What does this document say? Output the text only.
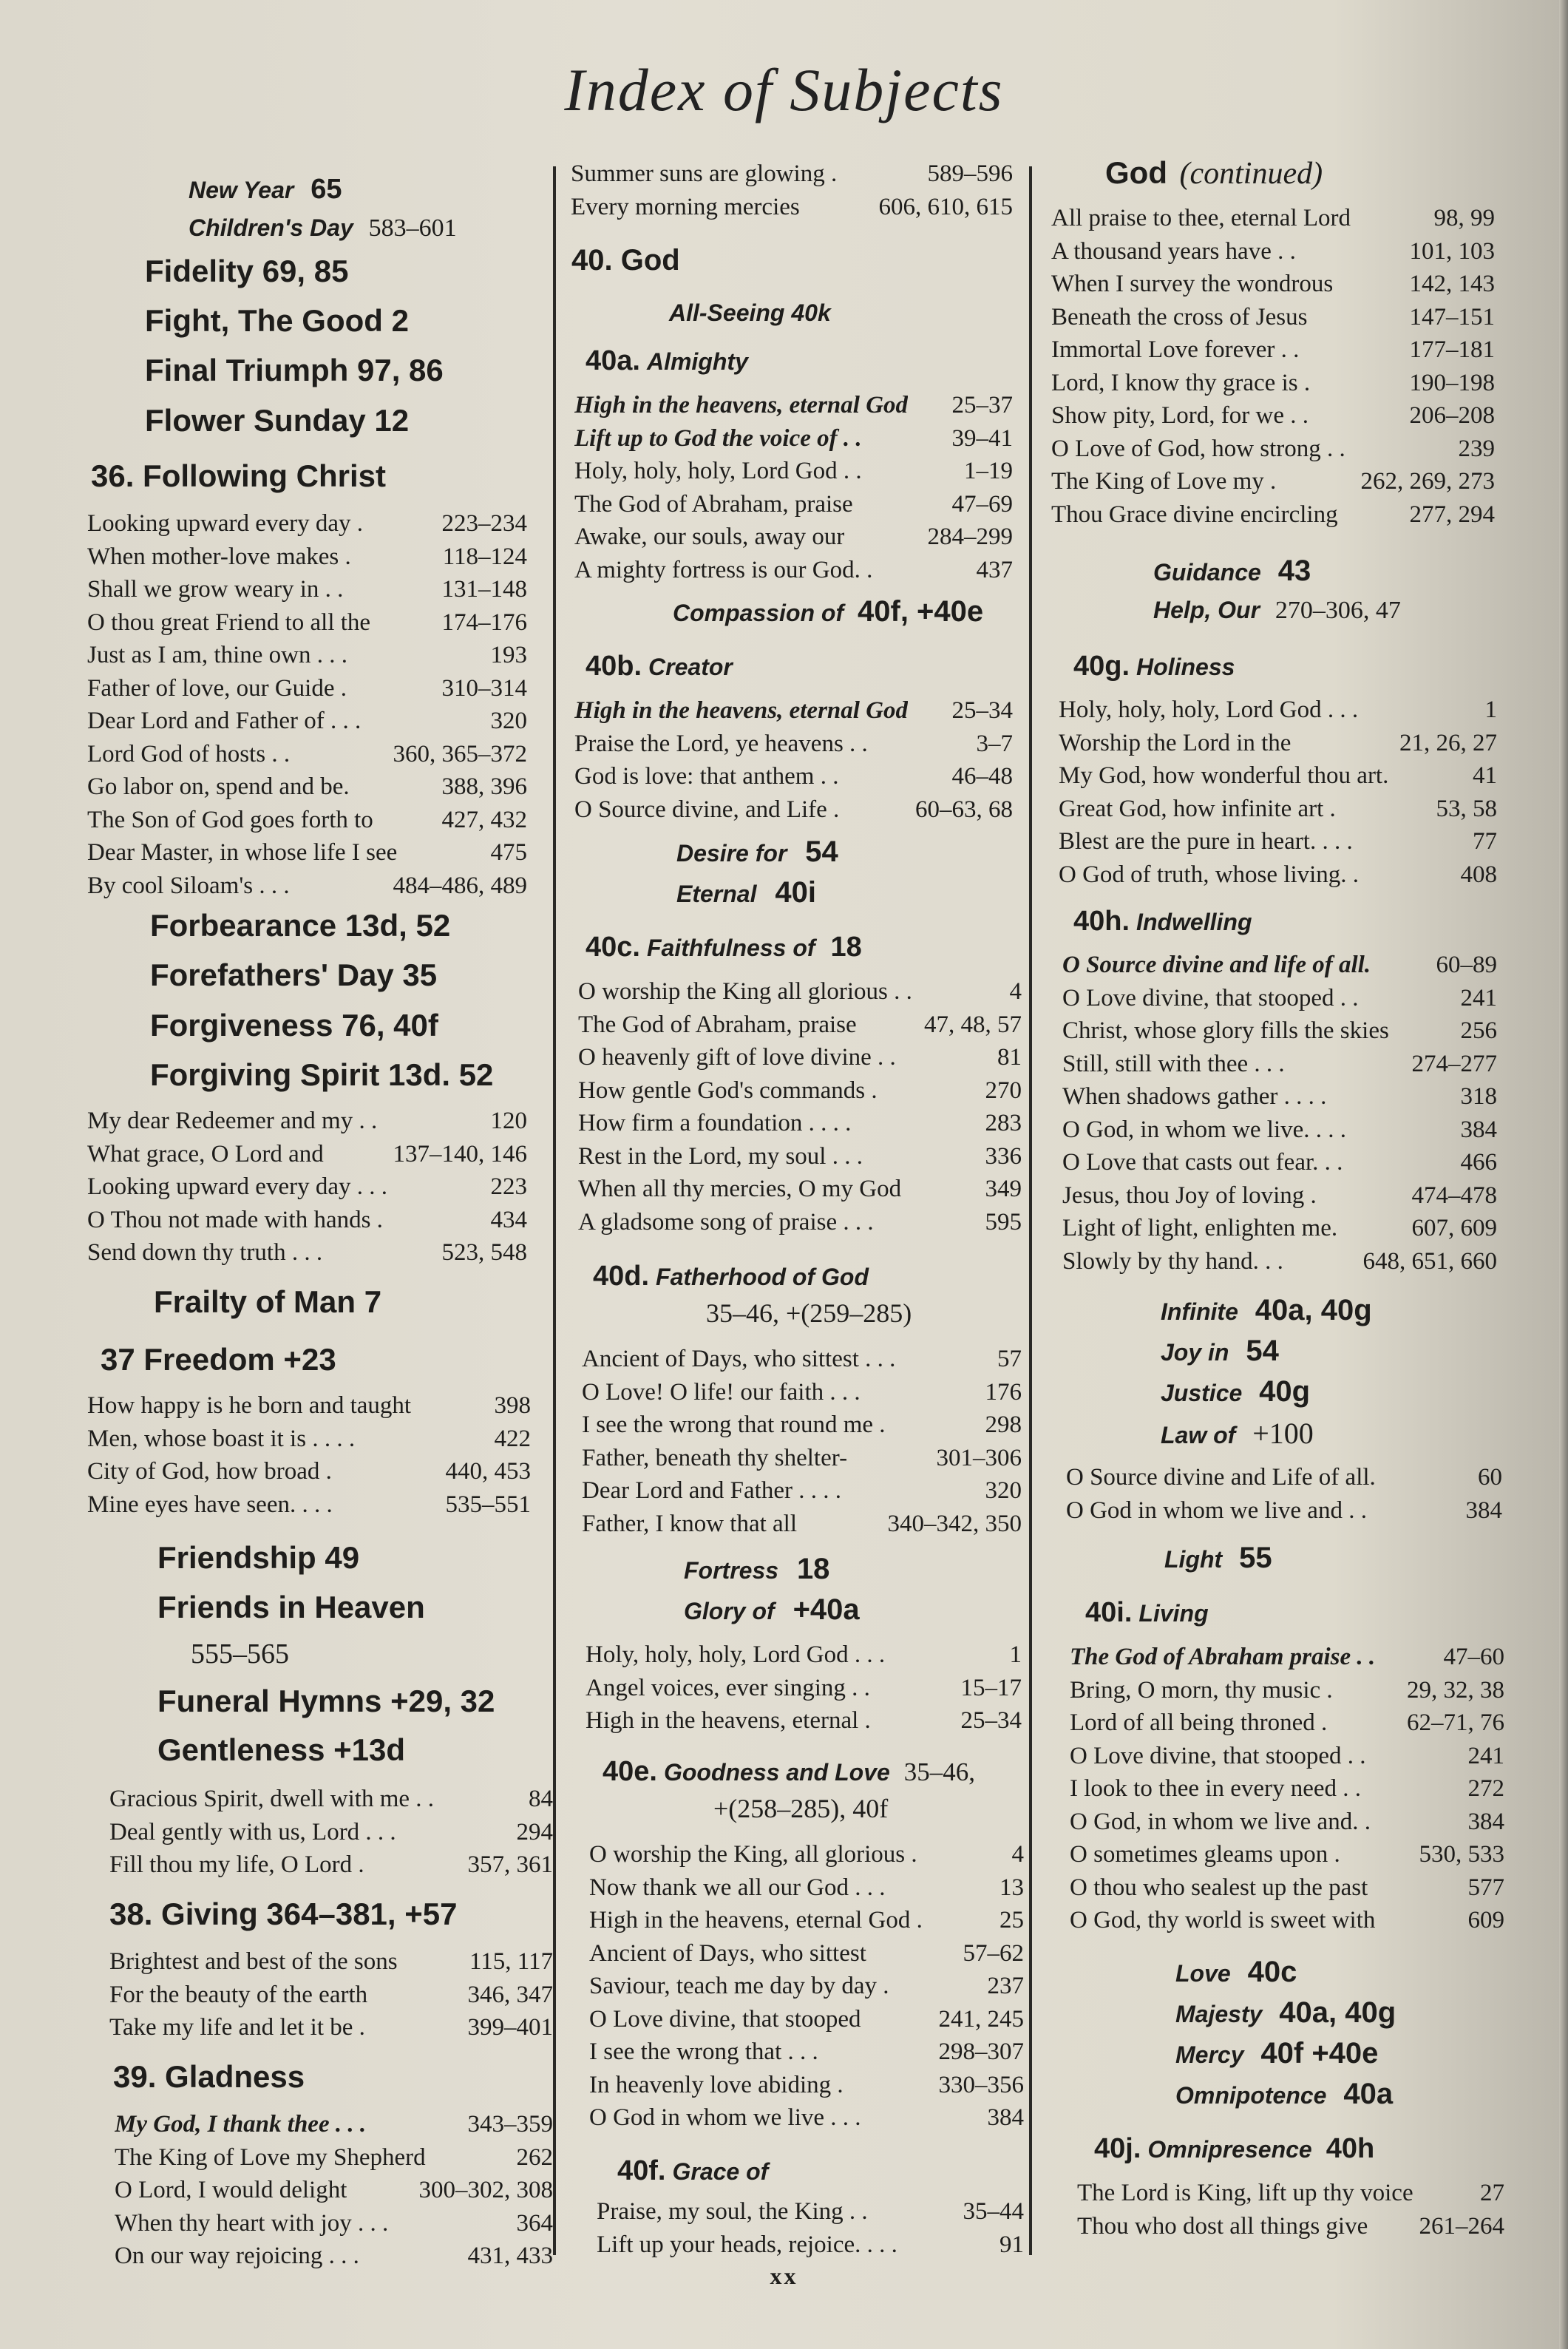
Index of Subjects
New Year 65
Children's Day 583–601
Fidelity 69, 85
Fight, The Good 2
Final Triumph 97, 86
Flower Sunday 12
36. Following Christ
Looking upward every day .	223–234
When mother-love makes .	118–124
Shall we grow weary in . .	131–148
O thou great Friend to all the	174–176
Just as I am, thine own . . .	193
Father of love, our Guide .	310–314
Dear Lord and Father of . . .	320
Lord God of hosts . .	360, 365–372
Go labor on, spend and be.	388, 396
The Son of God goes forth to	427, 432
Dear Master, in whose life I see	475
By cool Siloam's . . .	484–486, 489
Forbearance 13d, 52
Forefathers' Day 35
Forgiveness 76, 40f
Forgiving Spirit 13d. 52
My dear Redeemer and my . .	120
What grace, O Lord and	137–140, 146
Looking upward every day . . .	223
O Thou not made with hands .	434
Send down thy truth . . .	523, 548
Frailty of Man 7
37 Freedom +23
How happy is he born and taught	398
Men, whose boast it is . . . .	422
City of God, how broad .	440, 453
Mine eyes have seen. . . .	535–551
Friendship 49
Friends in Heaven
555–565
Funeral Hymns +29, 32
Gentleness +13d
Gracious Spirit, dwell with me . .	84
Deal gently with us, Lord . . .	294
Fill thou my life, O Lord .	357, 361
38. Giving 364–381, +57
Brightest and best of the sons	115, 117
For the beauty of the earth	346, 347
Take my life and let it be .	399–401
39. Gladness
My God, I thank thee . . .	343–359
The King of Love my Shepherd	262
O Lord, I would delight	300–302, 308
When thy heart with joy . . .	364
On our way rejoicing . . .	431, 433
Summer suns are glowing .	589–596
Every morning mercies	606, 610, 615
40. God
All-Seeing 40k
40a. Almighty
High in the heavens, eternal God 25–37
Lift up to God the voice of . .	39–41
Holy, holy, holy, Lord God . .	1–19
The God of Abraham, praise	47–69
Awake, our souls, away our	284–299
A mighty fortress is our God. .	437
Compassion of 40f, +40e
40b. Creator
High in the heavens, eternal God 25–34
Praise the Lord, ye heavens . .	3–7
God is love: that anthem . .	46–48
O Source divine, and Life .	60–63, 68
Desire for 54
Eternal 40i
40c. Faithfulness of 18
O worship the King all glorious . .	4
The God of Abraham, praise	47, 48, 57
O heavenly gift of love divine . .	81
How gentle God's commands .	270
How firm a foundation . . . .	283
Rest in the Lord, my soul . . .	336
When all thy mercies, O my God	349
A gladsome song of praise . . .	595
40d. Fatherhood of God
35–46, +(259–285)
Ancient of Days, who sittest . . .	57
O Love! O life! our faith . . .	176
I see the wrong that round me .	298
Father, beneath thy shelter-	301–306
Dear Lord and Father . . . .	320
Father, I know that all	340–342, 350
Fortress 18
Glory of +40a
Holy, holy, holy, Lord God . . .	1
Angel voices, ever singing . .	15–17
High in the heavens, eternal .	25–34
40e. Goodness and Love 35–46,
+(258–285), 40f
O worship the King, all glorious .	4
Now thank we all our God . . .	13
High in the heavens, eternal God .	25
Ancient of Days, who sittest	57–62
Saviour, teach me day by day .	237
O Love divine, that stooped	241, 245
I see the wrong that . . .	298–307
In heavenly love abiding .	330–356
O God in whom we live . . .	384
40f. Grace of
Praise, my soul, the King . .	35–44
Lift up your heads, rejoice. . . .	91
God (continued)
All praise to thee, eternal Lord	98, 99
A thousand years have . .	101, 103
When I survey the wondrous	142, 143
Beneath the cross of Jesus	147–151
Immortal Love forever . .	177–181
Lord, I know thy grace is .	190–198
Show pity, Lord, for we . .	206–208
O Love of God, how strong . .	239
The King of Love my .	262, 269, 273
Thou Grace divine encircling	277, 294
Guidance 43
Help, Our 270–306, 47
40g. Holiness
Holy, holy, holy, Lord God . . .	1
Worship the Lord in the	21, 26, 27
My God, how wonderful thou art.	41
Great God, how infinite art .	53, 58
Blest are the pure in heart. . . .	77
O God of truth, whose living. .	408
40h. Indwelling
O Source divine and life of all.	60–89
O Love divine, that stooped . .	241
Christ, whose glory fills the skies	256
Still, still with thee . . .	274–277
When shadows gather . . . .	318
O God, in whom we live. . . .	384
O Love that casts out fear. . .	466
Jesus, thou Joy of loving .	474–478
Light of light, enlighten me.	607, 609
Slowly by thy hand. . .	648, 651, 660
Infinite 40a, 40g
Joy in 54
Justice 40g
Law of +100
O Source divine and Life of all.	60
O God in whom we live and . .	384
Light 55
40i. Living
The God of Abraham praise . .	47–60
Bring, O morn, thy music .	29, 32, 38
Lord of all being throned .	62–71, 76
O Love divine, that stooped . .	241
I look to thee in every need . .	272
O God, in whom we live and. .	384
O sometimes gleams upon .	530, 533
O thou who sealest up the past	577
O God, thy world is sweet with	609
Love 40c
Majesty 40a, 40g
Mercy 40f +40e
Omnipotence 40a
40j. Omnipresence 40h
The Lord is King, lift up thy voice	27
Thou who dost all things give 261–264
xx
